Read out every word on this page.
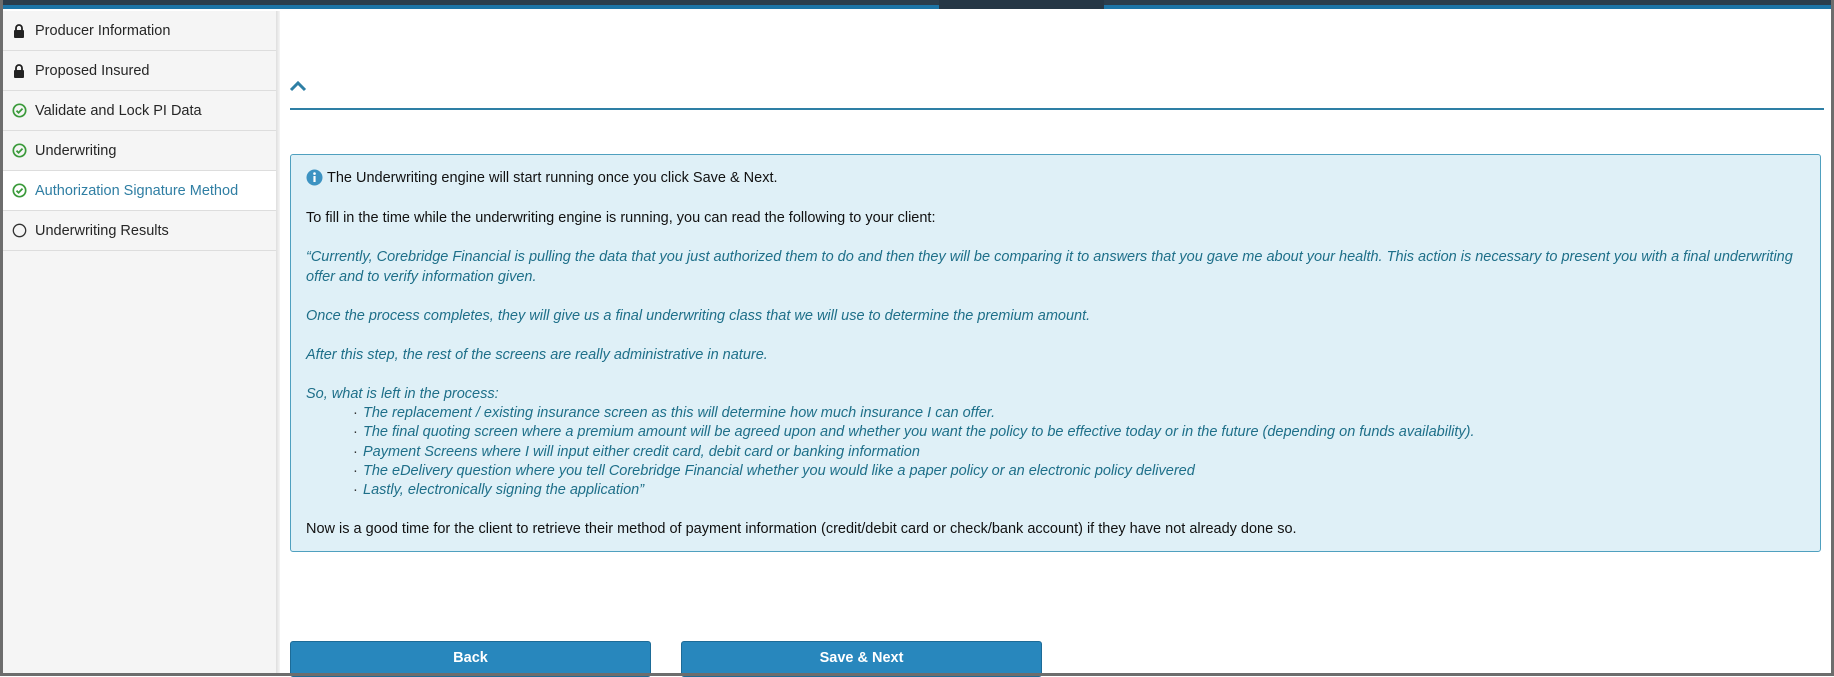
Producer Information
Proposed Insured
Validate and Lock PI Data
Underwriting
Authorization Signature Method
Underwriting Results
The Underwriting engine will start running once you click Save & Next.
To fill in the time while the underwriting engine is running, you can read the following to your client:
“Currently, Corebridge Financial is pulling the data that you just authorized them to do and then they will be comparing it to answers that you gave me about your health. This action is necessary to present you with a final underwriting offer and to verify information given.
Once the process completes, they will give us a final underwriting class that we will use to determine the premium amount.
After this step, the rest of the screens are really administrative in nature.
So, what is left in the process:
· The replacement / existing insurance screen as this will determine how much insurance I can offer.
· The final quoting screen where a premium amount will be agreed upon and whether you want the policy to be effective today or in the future (depending on funds availability).
· Payment Screens where I will input either credit card, debit card or banking information
· The eDelivery question where you tell Corebridge Financial whether you would like a paper policy or an electronic policy delivered
· Lastly, electronically signing the application”
Now is a good time for the client to retrieve their method of payment information (credit/debit card or check/bank account) if they have not already done so.
Back	Save & Next
